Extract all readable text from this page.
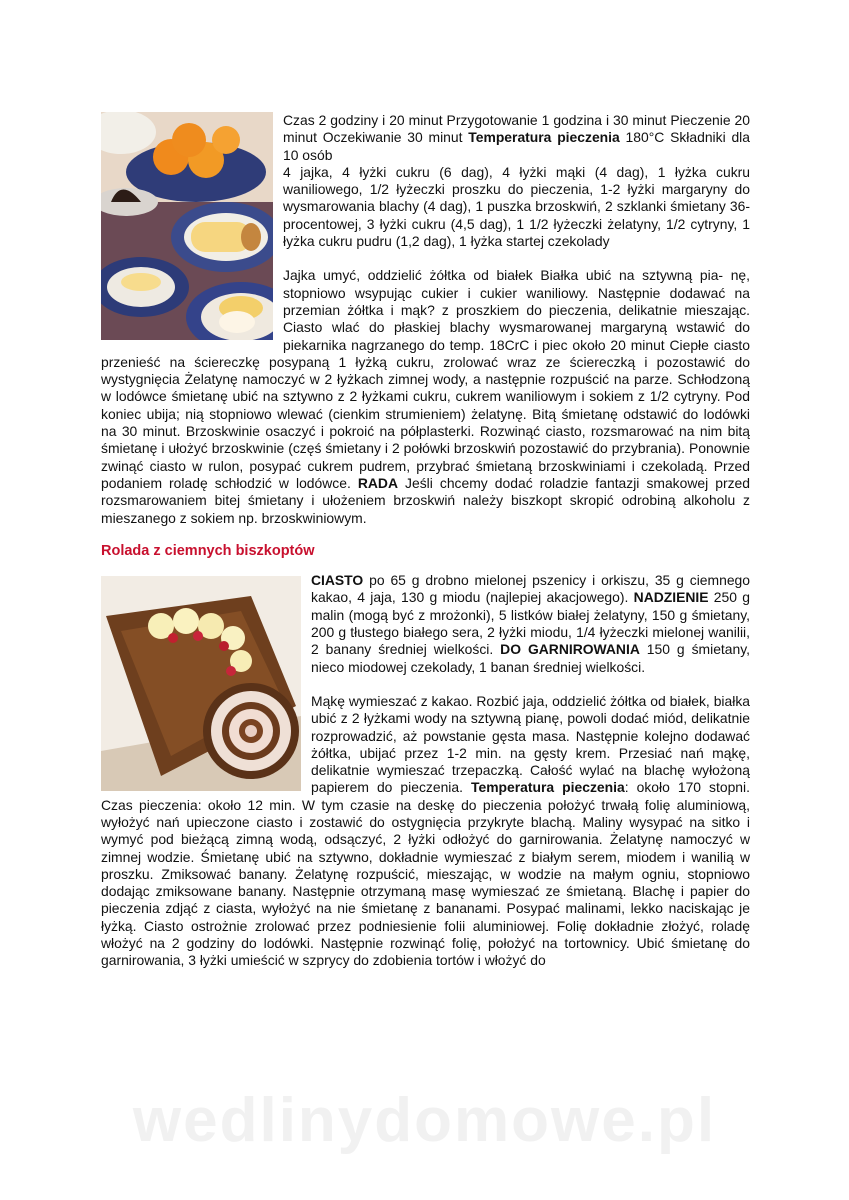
Czas 2 godziny i 20 minut Przygotowanie 1 godzina i 30 minut Pieczenie 20 minut Oczekiwanie 30 minut Temperatura pieczenia 180°C Składniki dla 10 osób

4 jajka, 4 łyżki cukru (6 dag), 4 łyżki mąki (4 dag), 1 łyżka cukru waniliowego, 1/2 łyżeczki proszku do pieczenia, 1-2 łyżki margaryny do wysmarowania blachy (4 dag), 1 puszka brzoskwiń, 2 szklanki śmietany 36-procentowej, 3 łyżki cukru (4,5 dag), 1 1/2 łyżeczki żelatyny, 1/2 cytryny, 1 łyżka cukru pudru (1,2 dag), 1 łyżka startej czekolady

Jajka umyć, oddzielić żółtka od białek Białka ubić na sztywną pia- nę, stopniowo wsypując cukier i cukier waniliowy. Następnie dodawać na przemian żółtka i mąk? z proszkiem do pieczenia, delikatnie mieszając. Ciasto wlać do płaskiej blachy wysmarowanej margaryną wstawić do piekarnika nagrzanego do temp. 18CrC i piec około 20 minut Ciepłe ciasto przenieść na ściereczkę posypaną 1 łyżką cukru, zrolować wraz ze ściereczką i pozostawić do wystygnięcia Żelatynę namoczyć w 2 łyżkach zimnej wody, a następnie rozpuścić na parze. Schłodzoną w lodówce śmietanę ubić na sztywno z 2 łyżkami cukru, cukrem waniliowym i sokiem z 1/2 cytryny. Pod koniec ubija; nią stopniowo wlewać (cienkim strumieniem) żelatynę. Bitą śmietanę odstawić do lodówki na 30 minut. Brzoskwinie osaczyć i pokroić na półplasterki. Rozwinąć ciasto, rozsmarować na nim bitą śmietanę i ułożyć brzoskwinie (częś śmietany i 2 połówki brzoskwiń pozostawić do przybrania). Ponownie zwinąć ciasto w rulon, posypać cukrem pudrem, przybrać śmietaną brzoskwiniami i czekoladą. Przed podaniem roladę schłodzić w lodówce. RADA Jeśli chcemy dodać roladzie fantazji smakowej przed rozsmarowaniem bitej śmietany i ułożeniem brzoskwiń należy biszkopt skropić odrobiną alkoholu z mieszanego z sokiem np. brzoskwiniowym.

Rolada z ciemnych biszkoptów

CIASTO po 65 g drobno mielonej pszenicy i orkiszu, 35 g ciemnego kakao, 4 jaja, 130 g miodu (najlepiej akacjowego). NADZIENIE 250 g malin (mogą być z mrożonki), 5 listków białej żelatyny, 150 g śmietany, 200 g tłustego białego sera, 2 łyżki miodu, 1/4 łyżeczki mielonej wanilii, 2 banany średniej wielkości. DO GARNIROWANIA 150 g śmietany, nieco miodowej czekolady, 1 banan średniej wielkości.

Mąkę wymieszać z kakao. Rozbić jaja, oddzielić żółtka od białek, białka ubić z 2 łyżkami wody na sztywną pianę, powoli dodać miód, delikatnie rozprowadzić, aż powstanie gęsta masa. Następnie kolejno dodawać żółtka, ubijać przez 1-2 min. na gęsty krem. Przesiać nań mąkę, delikatnie wymieszać trzepaczką. Całość wylać na blachę wyłożoną papierem do pieczenia. Temperatura pieczenia: około 170 stopni. Czas pieczenia: około 12 min. W tym czasie na deskę do pieczenia położyć trwałą folię aluminiową, wyłożyć nań upieczone ciasto i zostawić do ostygnięcia przykryte blachą. Maliny wysypać na sitko i wymyć pod bieżącą zimną wodą, odsączyć, 2 łyżki odłożyć do garnirowania. Żelatynę namoczyć w zimnej wodzie. Śmietanę ubić na sztywno, dokładnie wymieszać z białym serem, miodem i wanilią w proszku. Zmiksować banany. Żelatynę rozpuścić, mieszając, w wodzie na małym ogniu, stopniowo dodając zmiksowane banany. Następnie otrzymaną masę wymieszać ze śmietaną. Blachę i papier do pieczenia zdjąć z ciasta, wyłożyć na nie śmietanę z bananami. Posypać malinami, lekko naciskając je łyżką. Ciasto ostrożnie zrolować przez podniesienie folii aluminiowej. Folię dokładnie złożyć, roladę włożyć na 2 godziny do lodówki. Następnie rozwinąć folię, położyć na tortownicy. Ubić śmietanę do garnirowania, 3 łyżki umieścić w szprycy do zdobienia tortów i włożyć do

wedlinydomowe.pl
